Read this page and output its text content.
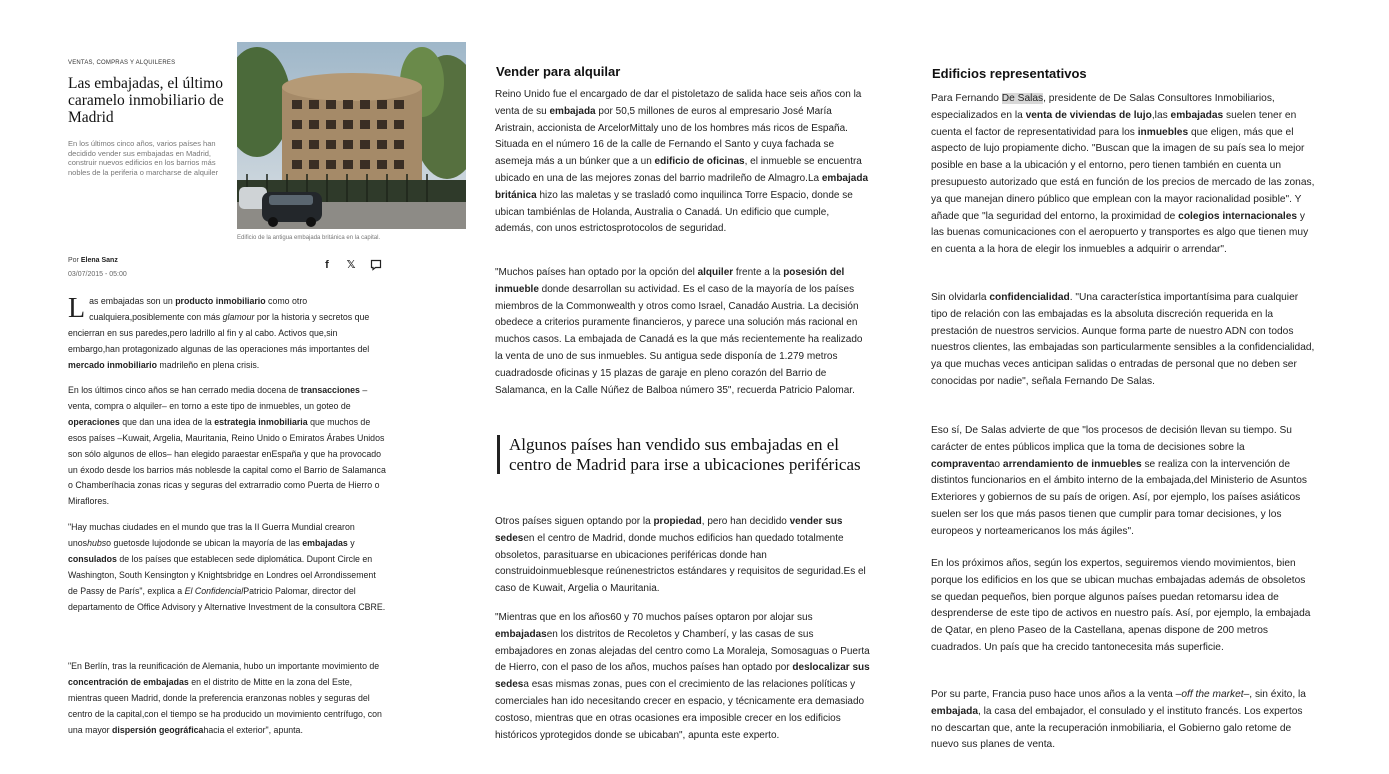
VENTAS, COMPRAS Y ALQUILERES
Las embajadas, el último caramelo inmobiliario de Madrid

En los últimos cinco años, varios países han decidido vender sus embajadas en Madrid, construir nuevos edificios en los barrios más nobles de la periferia o marcharse de alquiler

Edificio de la antigua embajada británica en la capital.
Por Elena Sanz
03/07/2015 - 05:00
f	𝕏

Las embajadas son un producto inmobiliario como otro cualquiera,posiblemente con más glamour por la historia y secretos que encierran en sus paredes,pero ladrillo al fin y al cabo. Activos que,sin embargo,han protagonizado algunas de las operaciones más importantes del mercado inmobiliario madrileño en plena crisis.

En los últimos cinco años se han cerrado media docena de transacciones – venta, compra o alquiler– en torno a este tipo de inmuebles, un goteo de operaciones que dan una idea de la estrategia inmobiliaria que muchos de esos países –Kuwait, Argelia, Mauritania, Reino Unido o Emiratos Árabes Unidos son sólo algunos de ellos– han elegido paraestar enEspaña y que ha provocado un éxodo desde los barrios más noblesde la capital como el Barrio de Salamanca o Chamberíhacia zonas ricas y seguras del extrarradio como Puerta de Hierro o Miraflores.

"Hay muchas ciudades en el mundo que tras la II Guerra Mundial crearon unoshubso guetosde lujodonde se ubican la mayoría de las embajadas y consulados de los países que establecen sede diplomática. Dupont Circle en Washington, South Kensington y Knightsbridge en Londres oel Arrondissement de Passy de París", explica a El ConfidencialPatricio Palomar, director del departamento de Office Advisory y Alternative Investment de la consultora CBRE.

"En Berlín, tras la reunificación de Alemania, hubo un importante movimiento de concentración de embajadas en el distrito de Mitte en la zona del Este, mientras queen Madrid, donde la preferencia eranzonas nobles y seguras del centro de la capital,con el tiempo se ha producido un movimiento centrífugo, con una mayor dispersión geográficahacia el exterior", apunta.

Vender para alquilar

Reino Unido fue el encargado de dar el pistoletazo de salida hace seis años con la venta de su embajada por 50,5 millones de euros al empresario José María Aristrain, accionista de ArcelorMittaly uno de los hombres más ricos de España. Situada en el número 16 de la calle de Fernando el Santo y cuya fachada se asemeja más a un búnker que a un edificio de oficinas, el inmueble se encuentra ubicado en una de las mejores zonas del barrio madrileño de Almagro.La embajada británica hizo las maletas y se trasladó como inquilinca Torre Espacio, donde se ubican tambiénlas de Holanda, Australia o Canadá. Un edificio que cumple, además, con unos estrictosprotocolos de seguridad.

"Muchos países han optado por la opción del alquiler frente a la posesión del inmueble donde desarrollan su actividad. Es el caso de la mayoría de los países miembros de la Commonwealth y otros como Israel, Canadáo Austria. La decisión obedece a criterios puramente financieros, y parece una solución más racional en muchos casos. La embajada de Canadá es la que más recientemente ha realizado la venta de uno de sus inmuebles. Su antigua sede disponía de 1.279 metros cuadradosde oficinas y 15 plazas de garaje en pleno corazón del Barrio de Salamanca, en la Calle Núñez de Balboa número 35", recuerda Patricio Palomar.

Algunos países han vendido sus embajadas en el centro de Madrid para irse a ubicaciones periféricas

Otros países siguen optando por la propiedad, pero han decidido vender sus sedesen el centro de Madrid, donde muchos edificios han quedado totalmente obsoletos, parasituarse en ubicaciones periféricas donde han construidoinmueblesque reúnenestrictos estándares y requisitos de seguridad.Es el caso de Kuwait, Argelia o Mauritania.

"Mientras que en los años60 y 70 muchos países optaron por alojar sus embajadasen los distritos de Recoletos y Chamberí, y las casas de sus embajadores en zonas alejadas del centro como La Moraleja, Somosaguas o Puerta de Hierro, con el paso de los años, muchos países han optado por deslocalizar sus sedesa esas mismas zonas, pues con el crecimiento de las relaciones políticas y comerciales han ido necesitando crecer en espacio, y técnicamente era demasiado costoso, mientras que en otras ocasiones era imposible crecer en los edificios históricos yprotegidos donde se ubicaban", apunta este experto.

Edificios representativos

Para Fernando De Salas, presidente de De Salas Consultores Inmobiliarios, especializados en la venta de viviendas de lujo,las embajadas suelen tener en cuenta el factor de representatividad para los inmuebles que eligen, más que el aspecto de lujo propiamente dicho. "Buscan que la imagen de su país sea lo mejor posible en base a la ubicación y el entorno, pero tienen también en cuenta un presupuesto autorizado que está en función de los precios de mercado de las zonas, ya que manejan dinero público que emplean con la mayor racionalidad posible". Y añade que "la seguridad del entorno, la proximidad de colegios internacionales y las buenas comunicaciones con el aeropuerto y transportes es algo que tienen muy en cuenta a la hora de elegir los inmuebles a adquirir o arrendar".

Sin olvidarla confidencialidad. "Una característica importantísima para cualquier tipo de relación con las embajadas es la absoluta discreción requerida en la prestación de nuestros servicios. Aunque forma parte de nuestro ADN con todos nuestros clientes, las embajadas son particularmente sensibles a la confidencialidad, ya que muchas veces anticipan salidas o entradas de personal que no deben ser conocidas por nadie", señala Fernando De Salas.

Eso sí, De Salas advierte de que "los procesos de decisión llevan su tiempo. Su carácter de entes públicos implica que la toma de decisiones sobre la compraventao arrendamiento de inmuebles se realiza con la intervención de distintos funcionarios en el ámbito interno de la embajada,del Ministerio de Asuntos Exteriores y gobiernos de su país de origen. Así, por ejemplo, los países asiáticos suelen ser los que más pasos tienen que cumplir para tomar decisiones, y los europeos y norteamericanos los más ágiles".

En los próximos años, según los expertos, seguiremos viendo movimientos, bien porque los edificios en los que se ubican muchas embajadas además de obsoletos se quedan pequeños, bien porque algunos países puedan retomarsu idea de desprenderse de este tipo de activos en nuestro país. Así, por ejemplo, la embajada de Qatar, en pleno Paseo de la Castellana, apenas dispone de 200 metros cuadrados. Un país que ha crecido tantonecesita más superficie.

Por su parte, Francia puso hace unos años a la venta –off the market–, sin éxito, la embajada, la casa del embajador, el consulado y el instituto francés. Los expertos no descartan que, ante la recuperación inmobiliaria, el Gobierno galo retome de nuevo sus planes de venta.
